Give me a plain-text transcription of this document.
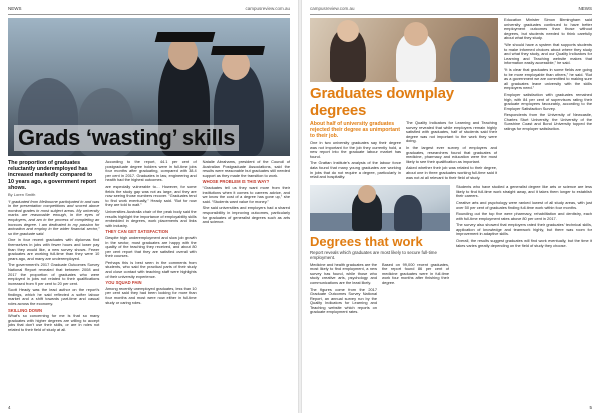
NEWS	campusreview.com.au
Grads ‘wasting’ skills
The proportion of graduates reluctantly underemployed has increased markedly compared to 10 years ago, a government report shows.
By Loren Smith

“I graduated from Melbourne participated in and was in the presentation competitions and scored above nominal grades in most subject areas. My university marks are reasonable enough, in the eyes of employers, and am in the process of completing an honours degree. I am dedicated to my passion for animation and employ in the wider financial sector,” so the graduate said.

One in four recent graduates with diplomas find themselves in jobs with fewer hours and lower pay than they would like, a new survey shows. Fewer graduates are working full-time than they were 10 years ago, and many are underemployed.

The government's 2017 Graduate Outcomes Survey National Report revealed that between 2008 and 2017 the proportion of graduates who were employed in jobs not related to their qualifications increased from 9 per cent to 20 per cent.

Scott Heady was the lead author on the report’s findings, which he said reflected a softer labour market and a shift towards part-time and casual roles across the economy.

SKILLING DOWN

What’s so concerning for me is that so many graduates with higher degrees are willing to accept jobs that don’t use their skills, or are in roles not related to their field of study at all.

According to the report, 44.1 per cent of postgraduate degree holders were in full-time jobs four months after graduating, compared with 38.4 per cent in 2017. Graduates in law, engineering and health had the highest outcomes.

are especially vulnerable to… However, for some fields the study gap was not as large, and they are now seeing those numbers recover. “Graduates tend to find work eventually,” Heady said. “But for now they are told to wait.”

Universities Australia chair of the peak body said the results highlight the importance of employability skills embedded in degrees, work placements and links with industry.

THEY CAN GET SATISFACTION

Despite high underemployment and slow job growth in the sector, most graduates are happy with the quality of the teaching they received, and about 80 per cent report that they are satisfied overall with their courses.

Perhaps this is best seen in the comments from students, who said the practical parts of their study and close contact with teaching staff were highlights of their university experience.

YOU SQUAD PAIN

Among recently unemployed graduates, less than 10 per cent said they had been looking for more than four months and most were now either in full-time study or caring roles.

Natalie Abrahams, president of the Council of Australian Postgraduate Associations, said the results were reasonable but graduates still needed support as they made the transition to work.

WHOSE PROBLEM IS THIS WAY?

“Graduates tell us they want more from their institutions when it comes to careers advice, and we know the cost of a degree has gone up,” she said. “Students want value for money.”

She said universities and employers had a shared responsibility in improving outcomes, particularly for graduates of generalist degrees such as arts and science.

4
campusreview.com.au	NEWS
Graduates downplay degrees
About half of university graduates rejected their degree as unimportant to their job.

One in two university graduates say their degree was not important for the job they currently hold, a new report into the graduate labour market has found.

The Grattan Institute’s analysis of the labour force data found that many young graduates are working in jobs that do not require a degree, particularly in retail and hospitality.

The Quality Indicators for Learning and Teaching survey revealed that while employers remain highly satisfied with graduates, half of students said their degree was not important to the work they were doing.

In the largest ever survey of employers and graduates, researchers found that graduates of medicine, pharmacy and education were the most likely to see their qualification as important.

Asked whether their job was related to their degree, about one in three graduates working full-time said it was not at all relevant to their field of study.

Education Minister Simon Birmingham said university graduates continued to have better employment outcomes than those without degrees, but students needed to think carefully about what they study.

“We should have a system that supports students to make informed choices about where they study and what they study, and our Quality Indicators for Learning and Teaching website makes that information easily accessible,” he said.

“It is clear that graduates in some fields are going to be more employable than others,” he said. “But as a government we are committed to making sure all graduates leave university with the skills employers need.”

Employer satisfaction with graduates remained high, with 84 per cent of supervisors rating their graduate employees favourably, according to the Employer Satisfaction Survey.

Respondents from the University of Newcastle, Charles Sturt University, the University of the Sunshine Coast and Bond University topped the ratings for employer satisfaction.

Degrees that work
Report reveals which graduates are most likely to secure full-time employment.

Medicine and health graduates are the most likely to find employment, a new survey has found, while those who study creative arts, psychology and communications are the least likely.

The figures come from the 2017 Graduate Outcomes Survey National Report, an annual survey run by the Quality Indicators for Learning and Teaching website which reports on graduate employment rates.

Based on 99,000 recent graduates, the report found 86 per cent of medicine graduates were in full-time work four months after finishing their degree.

Students who have studied a generalist degree like arts or science are less likely to find full-time work straight away, and it takes them longer to establish their careers.

Creative arts and psychology were ranked lowest of all study areas, with just over 50 per cent of graduates finding full-time work within four months.

Rounding out the top five were pharmacy, rehabilitation and dentistry, each with full-time employment rates above 80 per cent in 2017.

The survey also showed that employers rated their graduates’ technical skills, application of knowledge and teamwork highly, but there was room for improvement in adaptive skills.

Overall, the results suggest graduates will find work eventually, but the time it takes varies greatly depending on the field of study they choose.

5
